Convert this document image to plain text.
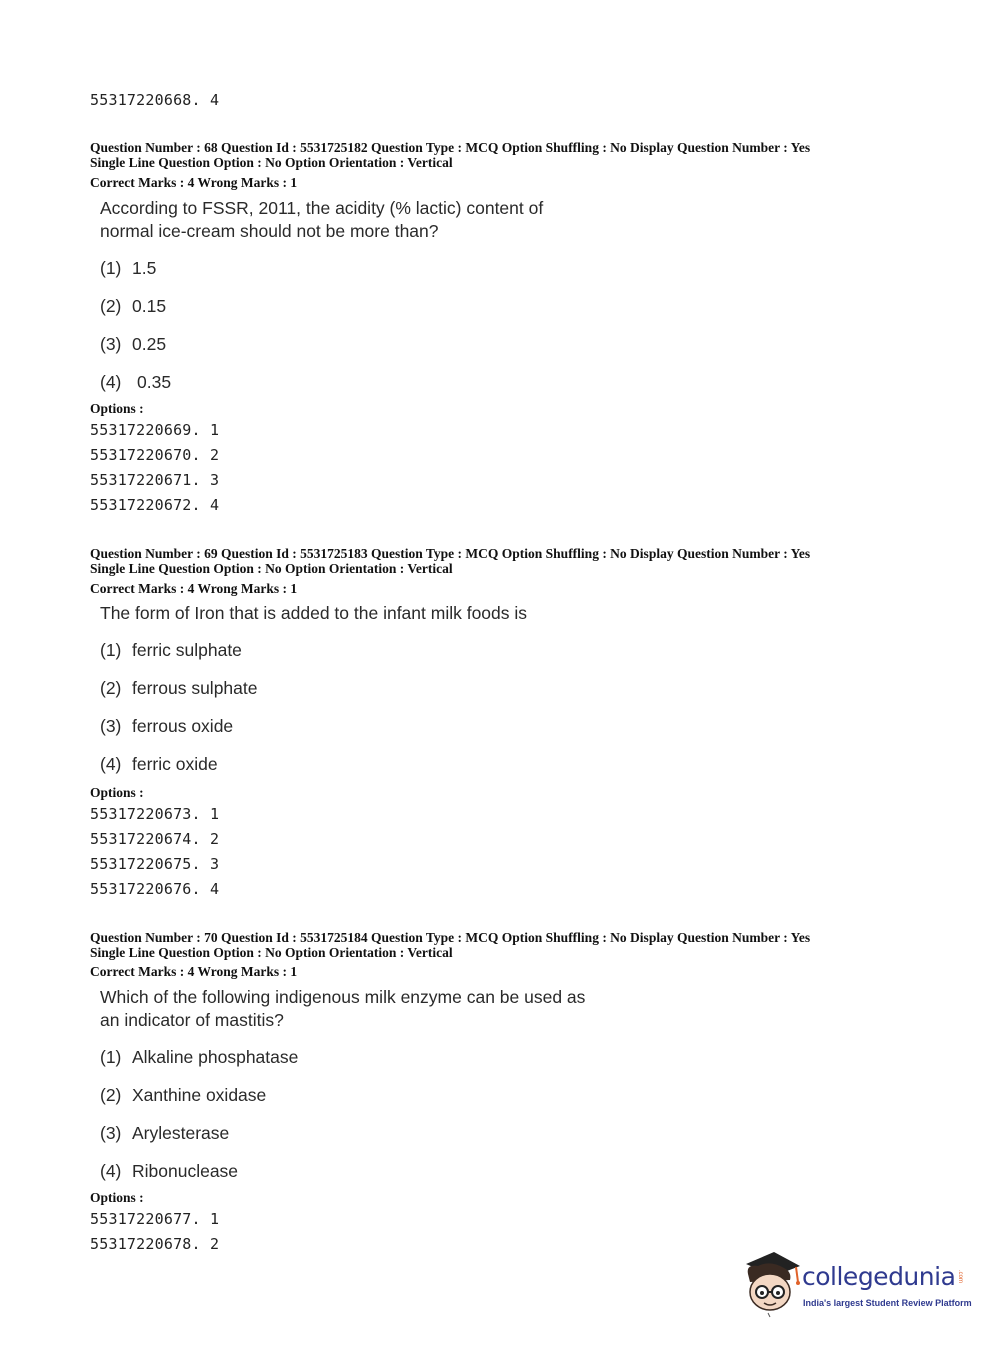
55317220668. 4
Question Number : 68 Question Id : 5531725182 Question Type : MCQ Option Shuffling : No Display Question Number : Yes
Single Line Question Option : No Option Orientation : Vertical
Correct Marks : 4 Wrong Marks : 1
According to FSSR, 2011, the acidity (% lactic) content of
normal ice-cream should not be more than?
(1) 1.5
(2) 0.15
(3) 0.25
(4) 0.35
Options :
55317220669. 1
55317220670. 2
55317220671. 3
55317220672. 4
Question Number : 69 Question Id : 5531725183 Question Type : MCQ Option Shuffling : No Display Question Number : Yes
Single Line Question Option : No Option Orientation : Vertical
Correct Marks : 4 Wrong Marks : 1
The form of Iron that is added to the infant milk foods is
(1) ferric sulphate
(2) ferrous sulphate
(3) ferrous oxide
(4) ferric oxide
Options :
55317220673. 1
55317220674. 2
55317220675. 3
55317220676. 4
Question Number : 70 Question Id : 5531725184 Question Type : MCQ Option Shuffling : No Display Question Number : Yes
Single Line Question Option : No Option Orientation : Vertical
Correct Marks : 4 Wrong Marks : 1
Which of the following indigenous milk enzyme can be used as
an indicator of mastitis?
(1) Alkaline phosphatase
(2) Xanthine oxidase
(3) Arylesterase
(4) Ribonuclease
Options :
55317220677. 1
55317220678. 2
collegedunia .com
India's largest Student Review Platform
